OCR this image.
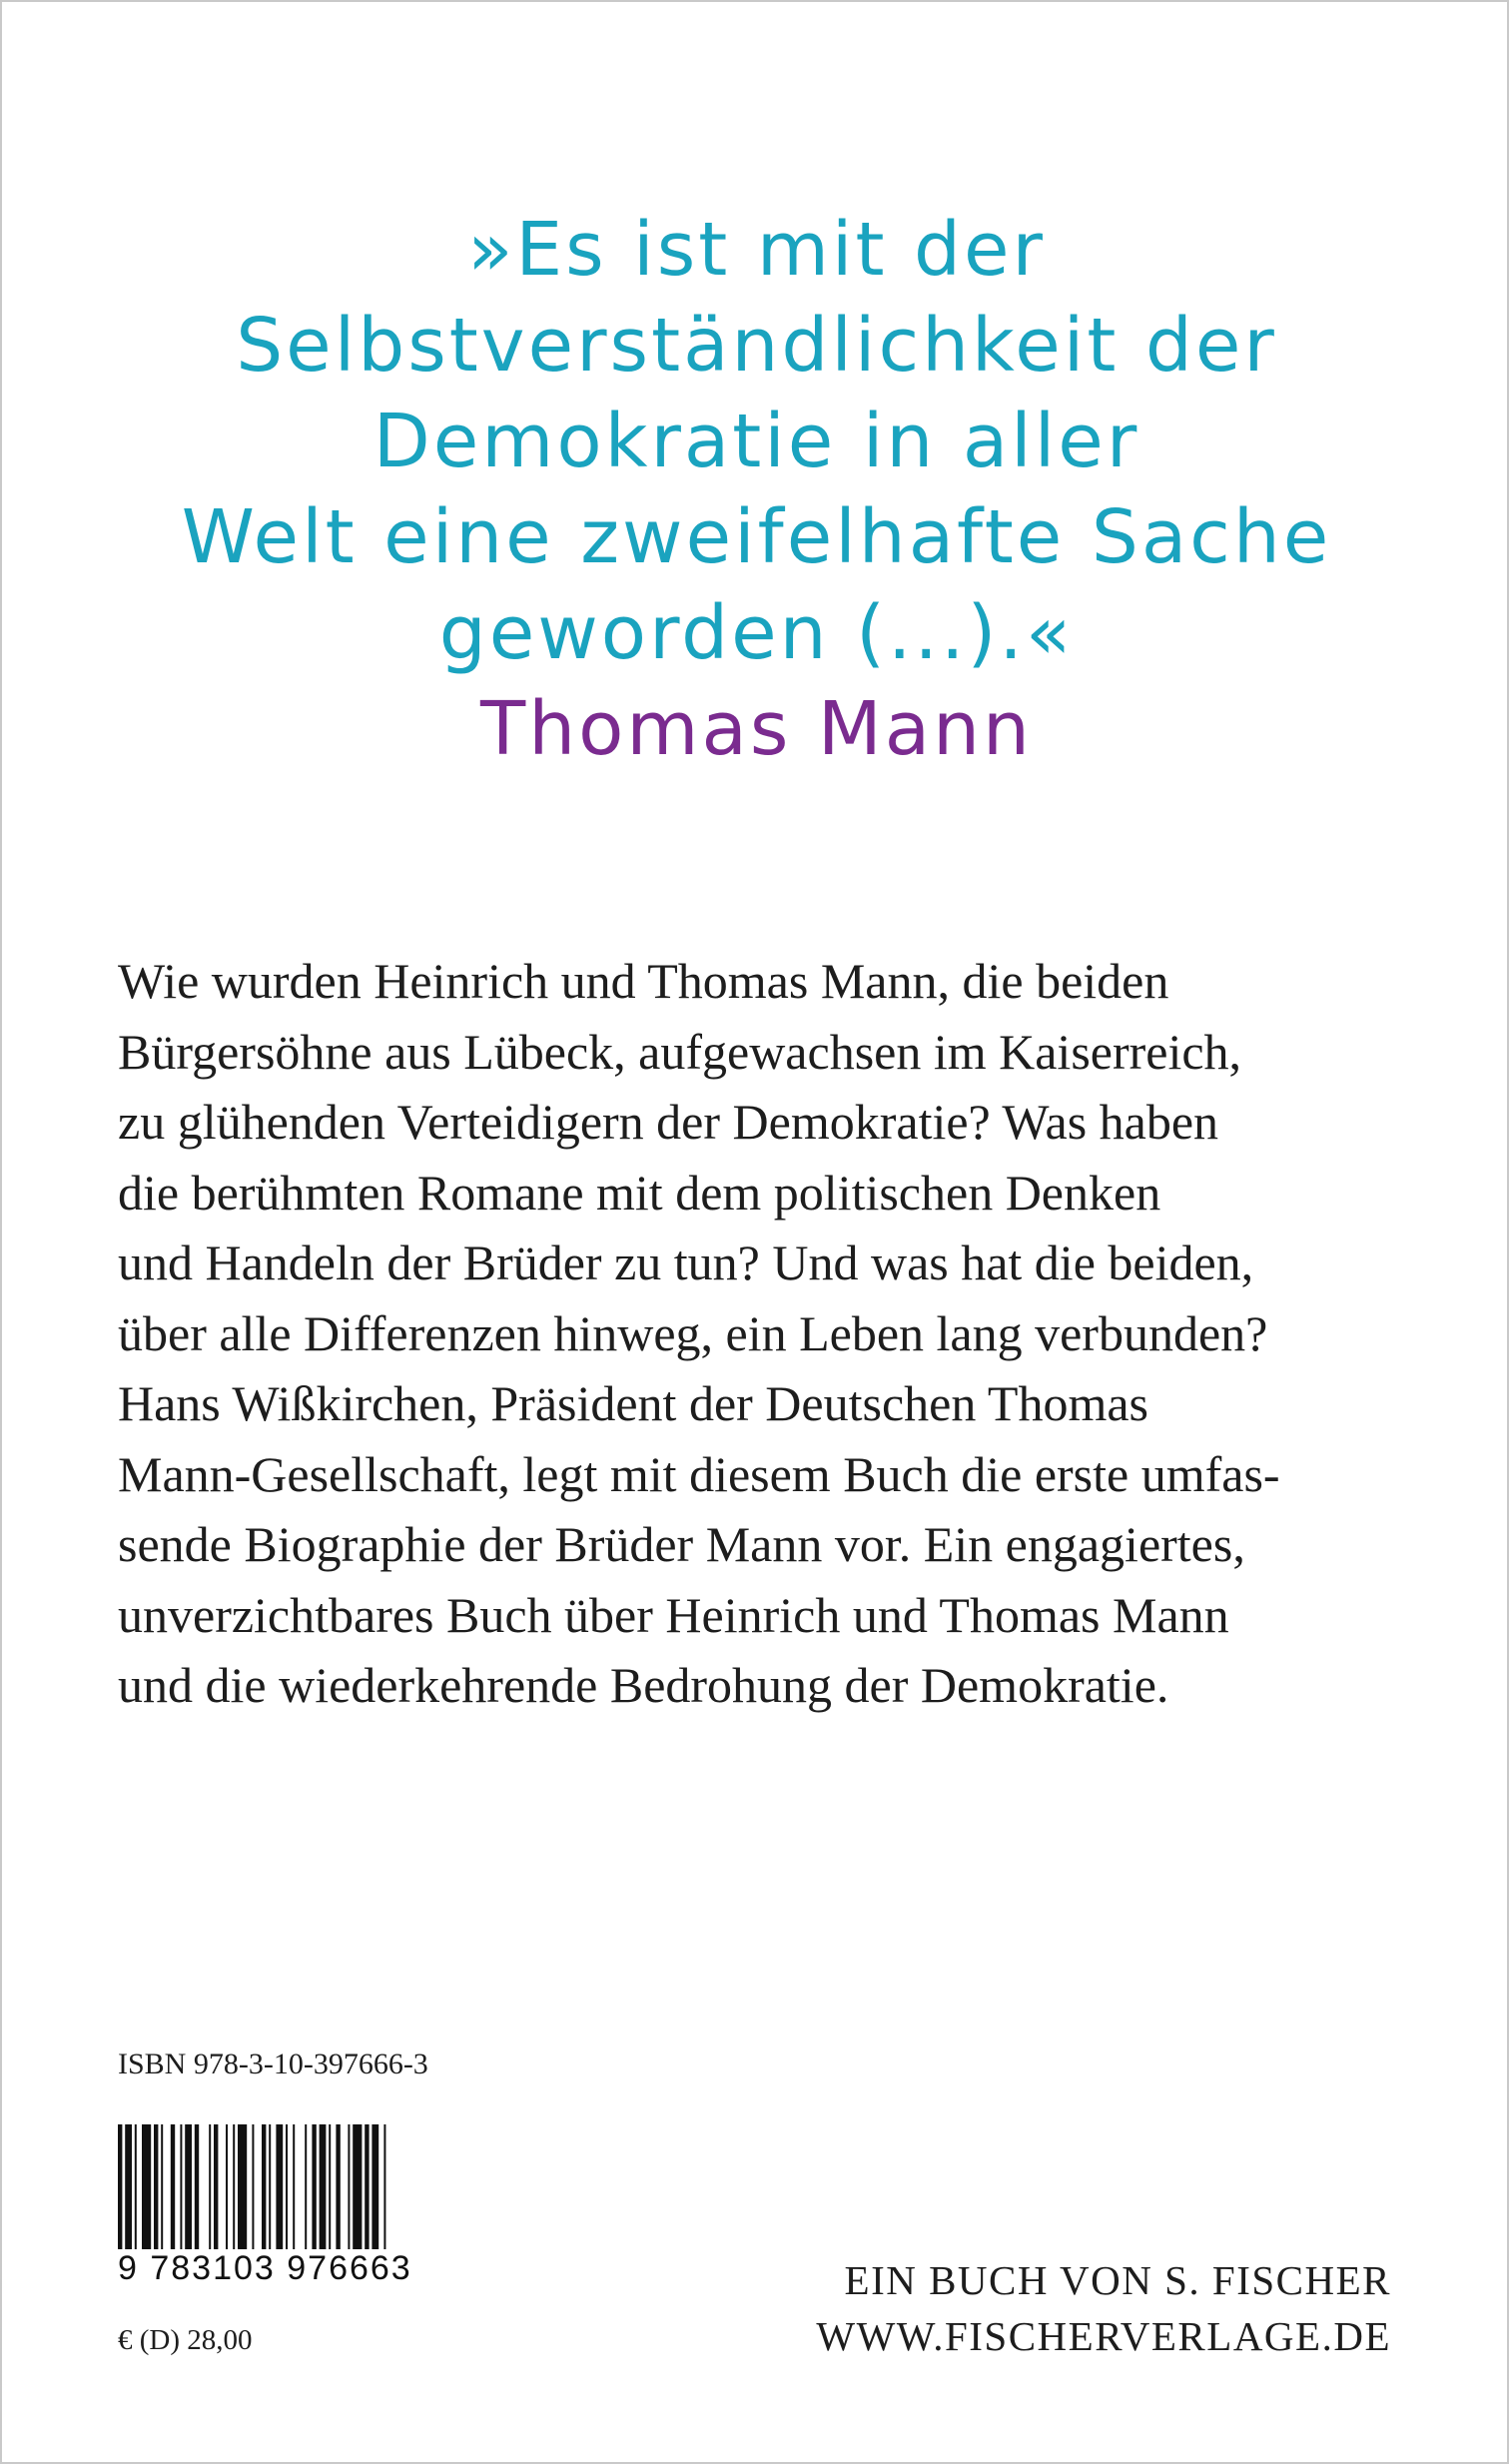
»Es ist mit der
Selbstverständlichkeit der
Demokratie in aller
Welt eine zweifelhafte Sache
geworden (...).«
Thomas Mann
Wie wurden Heinrich und Thomas Mann, die beiden
Bürgersöhne aus Lübeck, aufgewachsen im Kaiserreich,
zu glühenden Verteidigern der Demokratie? Was haben
die berühmten Romane mit dem politischen Denken
und Handeln der Brüder zu tun? Und was hat die beiden,
über alle Differenzen hinweg, ein Leben lang verbunden?
Hans Wißkirchen, Präsident der Deutschen Thomas
Mann-Gesellschaft, legt mit diesem Buch die erste umfas-
sende Biographie der Brüder Mann vor. Ein engagiertes,
unverzichtbares Buch über Heinrich und Thomas Mann
und die wiederkehrende Bedrohung der Demokratie.
ISBN 978-3-10-397666-3
9 783103 976663
€ (D) 28,00
EIN BUCH VON S. FISCHER
WWW.FISCHERVERLAGE.DE
